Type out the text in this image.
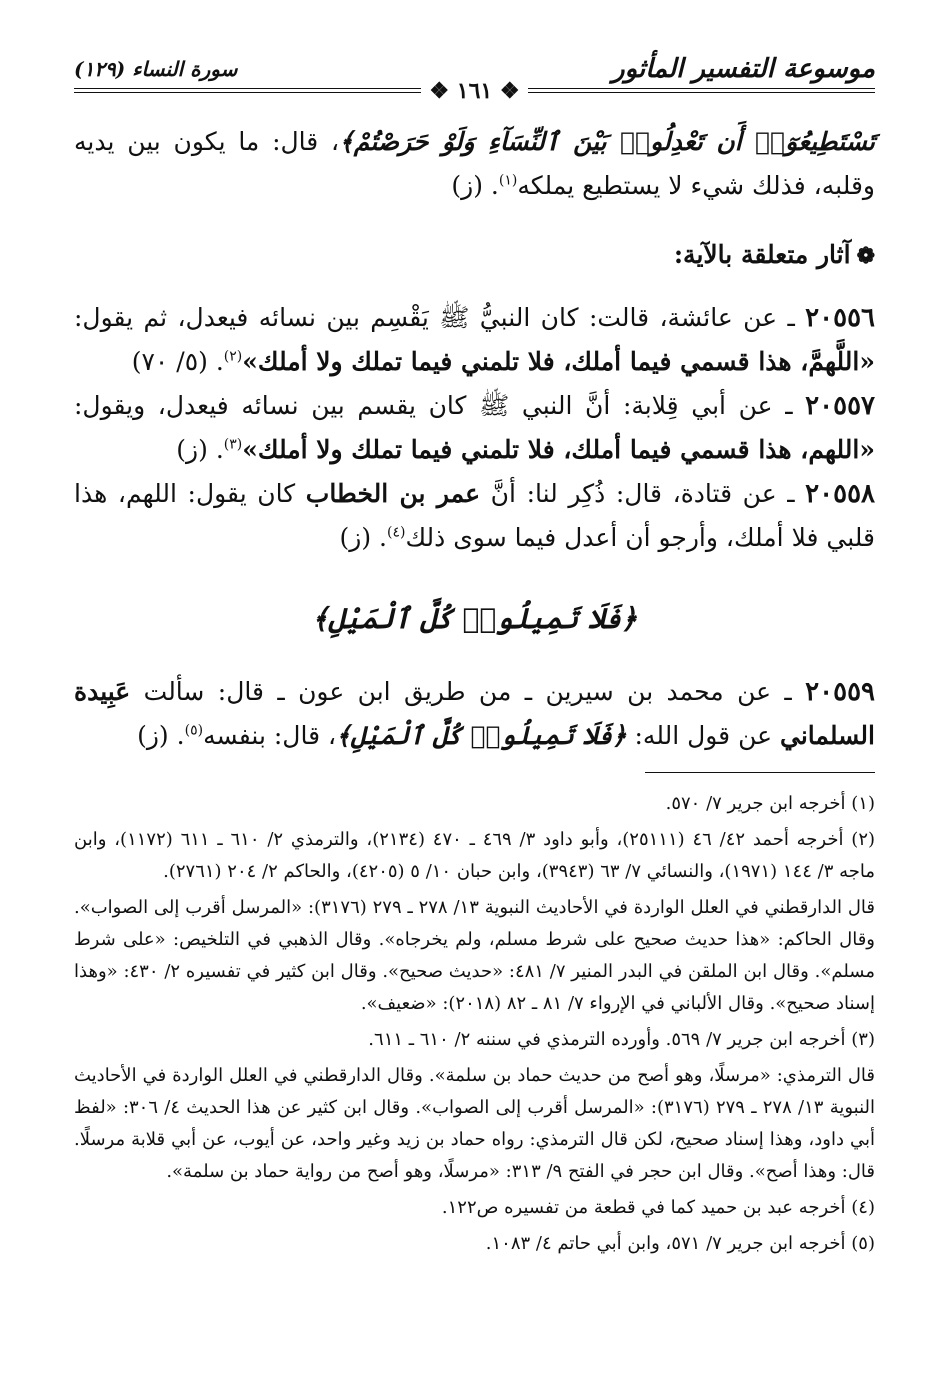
موسوعة التفسير المأثور
سورة النساء (١٢٩)
❖ ١٦١ ❖

تَسْتَطِيعُوٓا۟ أَن تَعْدِلُوا۟ بَيْنَ ٱلنِّسَآءِ وَلَوْ حَرَصْتُمْ﴾، قال: ما يكون بين يديه وقلبه، فذلك شيء لا يستطيع يملكه$^{(١)}$. (ز)

❁آثار متعلقة بالآية:

٢٠٥٥٦ ـ عن عائشة، قالت: كان النبيُّ ﷺ يَقْسِم بين نسائه فيعدل، ثم يقول: «اللَّهمَّ، هذا قسمي فيما أملك، فلا تلمني فيما تملك ولا أملك»$^{(٢)}$. (٥/ ٧٠)

٢٠٥٥٧ ـ عن أبي قِلابة: أنَّ النبي ﷺ كان يقسم بين نسائه فيعدل، ويقول: «اللهم، هذا قسمي فيما أملك، فلا تلمني فيما تملك ولا أملك»$^{(٣)}$. (ز)

٢٠٥٥٨ ـ عن قتادة، قال: ذُكِر لنا: أنَّ عمر بن الخطاب كان يقول: اللهم، هذا قلبي فلا أملك، وأرجو أن أعدل فيما سوى ذلك$^{(٤)}$. (ز)

﴿فَلَا تَمِيلُوا۟ كُلَّ ٱلْمَيْلِ﴾

٢٠٥٥٩ ـ عن محمد بن سيرين ـ من طريق ابن عون ـ قال: سألت عَبِيدة السلماني عن قول الله: ﴿فَلَا تَمِيلُوا۟ كُلَّ ٱلْمَيْلِ﴾، قال: بنفسه$^{(٥)}$. (ز)

(١) أخرجه ابن جرير ٧/ ٥٧٠.

(٢) أخرجه أحمد ٤٢/ ٤٦ (٢٥١١١)، وأبو داود ٣/ ٤٦٩ ـ ٤٧٠ (٢١٣٤)، والترمذي ٢/ ٦١٠ ـ ٦١١ (١١٧٢)، وابن ماجه ٣/ ١٤٤ (١٩٧١)، والنسائي ٧/ ٦٣ (٣٩٤٣)، وابن حبان ١٠/ ٥ (٤٢٠٥)، والحاكم ٢/ ٢٠٤ (٢٧٦١).

قال الدارقطني في العلل الواردة في الأحاديث النبوية ١٣/ ٢٧٨ ـ ٢٧٩ (٣١٧٦): «المرسل أقرب إلى الصواب». وقال الحاكم: «هذا حديث صحيح على شرط مسلم، ولم يخرجاه». وقال الذهبي في التلخيص: «على شرط مسلم». وقال ابن الملقن في البدر المنير ٧/ ٤٨١: «حديث صحيح». وقال ابن كثير في تفسيره ٢/ ٤٣٠: «وهذا إسناد صحيح». وقال الألباني في الإرواء ٧/ ٨١ ـ ٨٢ (٢٠١٨): «ضعيف».

(٣) أخرجه ابن جرير ٧/ ٥٦٩. وأورده الترمذي في سننه ٢/ ٦١٠ ـ ٦١١.

قال الترمذي: «مرسلًا، وهو أصح من حديث حماد بن سلمة». وقال الدارقطني في العلل الواردة في الأحاديث النبوية ١٣/ ٢٧٨ ـ ٢٧٩ (٣١٧٦): «المرسل أقرب إلى الصواب». وقال ابن كثير عن هذا الحديث ٤/ ٣٠٦: «لفظ أبي داود، وهذا إسناد صحيح، لكن قال الترمذي: رواه حماد بن زيد وغير واحد، عن أيوب، عن أبي قلابة مرسلًا. قال: وهذا أصح». وقال ابن حجر في الفتح ٩/ ٣١٣: «مرسلًا، وهو أصح من رواية حماد بن سلمة».

(٤) أخرجه عبد بن حميد كما في قطعة من تفسيره ص١٢٢.

(٥) أخرجه ابن جرير ٧/ ٥٧١، وابن أبي حاتم ٤/ ١٠٨٣.
